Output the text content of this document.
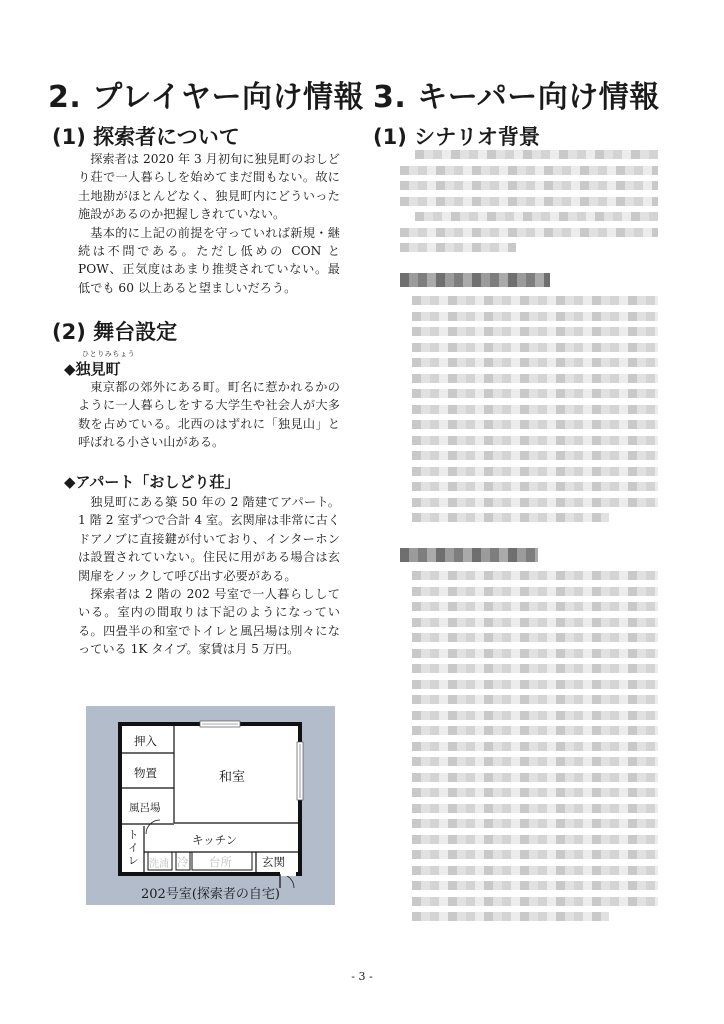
2. プレイヤー向け情報
(1) 探索者について

探索者は 2020 年 3 月初旬に独見町のおしどり荘で一人暮らしを始めてまだ間もない。故に土地勘がほとんどなく、独見町内にどういった施設があるのか把握しきれていない。

基本的に上記の前提を守っていれば新規・継続は不問である。ただし低めの CON と POW、正気度はあまり推奨されていない。最低でも 60 以上あると望ましいだろう。

(2) 舞台設定
ひとりみちょう
◆独見町

東京都の郊外にある町。町名に惹かれるかのように一人暮らしをする大学生や社会人が大多数を占めている。北西のはずれに「独見山」と呼ばれる小さい山がある。

◆アパート「おしどり荘」

独見町にある築 50 年の 2 階建てアパート。1 階 2 室ずつで合計 4 室。玄関扉は非常に古くドアノブに直接鍵が付いており、インターホンは設置されていない。住民に用がある場合は玄関扉をノックして呼び出す必要がある。

探索者は 2 階の 202 号室で一人暮らししている。室内の間取りは下記のようになっている。四畳半の和室でトイレと風呂場は別々になっている 1K タイプ。家賃は月 5 万円。

押入
物置	和室
風呂場
キッチン
ト
イ
レ 洗浦 冷 台所	玄関
202号室(探索者の自宅)
3. キーパー向け情報
(1) シナリオ背景
- 3 -
